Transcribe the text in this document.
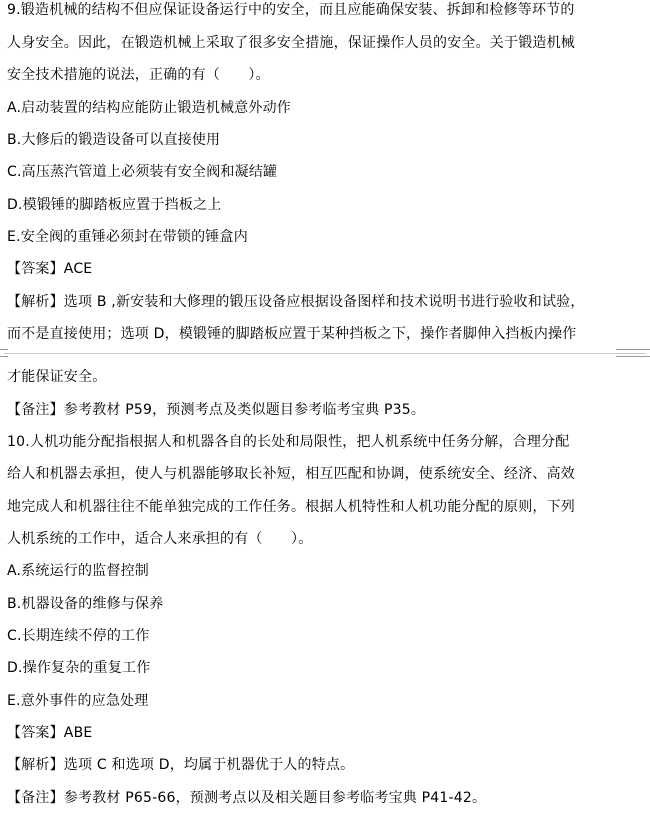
9.锻造机械的结构不但应保证设备运行中的安全，而且应能确保安装、拆卸和检修等环节的
人身安全。因此，在锻造机械上采取了很多安全措施，保证操作人员的安全。关于锻造机械
安全技术措施的说法，正确的有（　　）。
A.启动装置的结构应能防止锻造机械意外动作
B.大修后的锻造设备可以直接使用
C.高压蒸汽管道上必须装有安全阀和凝结罐
D.模锻锤的脚踏板应置于挡板之上
E.安全阀的重锤必须封在带锁的锤盒内
【答案】ACE
【解析】选项 B ,新安装和大修理的锻压设备应根据设备图样和技术说明书进行验收和试验，
而不是直接使用；选项 D，模锻锤的脚踏板应置于某种挡板之下，操作者脚伸入挡板内操作
才能保证安全。
【备注】参考教材 P59，预测考点及类似题目参考临考宝典 P35。
10.人机功能分配指根据人和机器各自的长处和局限性，把人机系统中任务分解，合理分配
给人和机器去承担，使人与机器能够取长补短，相互匹配和协调，使系统安全、经济、高效
地完成人和机器往往不能单独完成的工作任务。根据人机特性和人机功能分配的原则，下列
人机系统的工作中，适合人来承担的有（　　）。
A.系统运行的监督控制
B.机器设备的维修与保养
C.长期连续不停的工作
D.操作复杂的重复工作
E.意外事件的应急处理
【答案】ABE
【解析】选项 C 和选项 D，均属于机器优于人的特点。
【备注】参考教材 P65-66，预测考点以及相关题目参考临考宝典 P41-42。
